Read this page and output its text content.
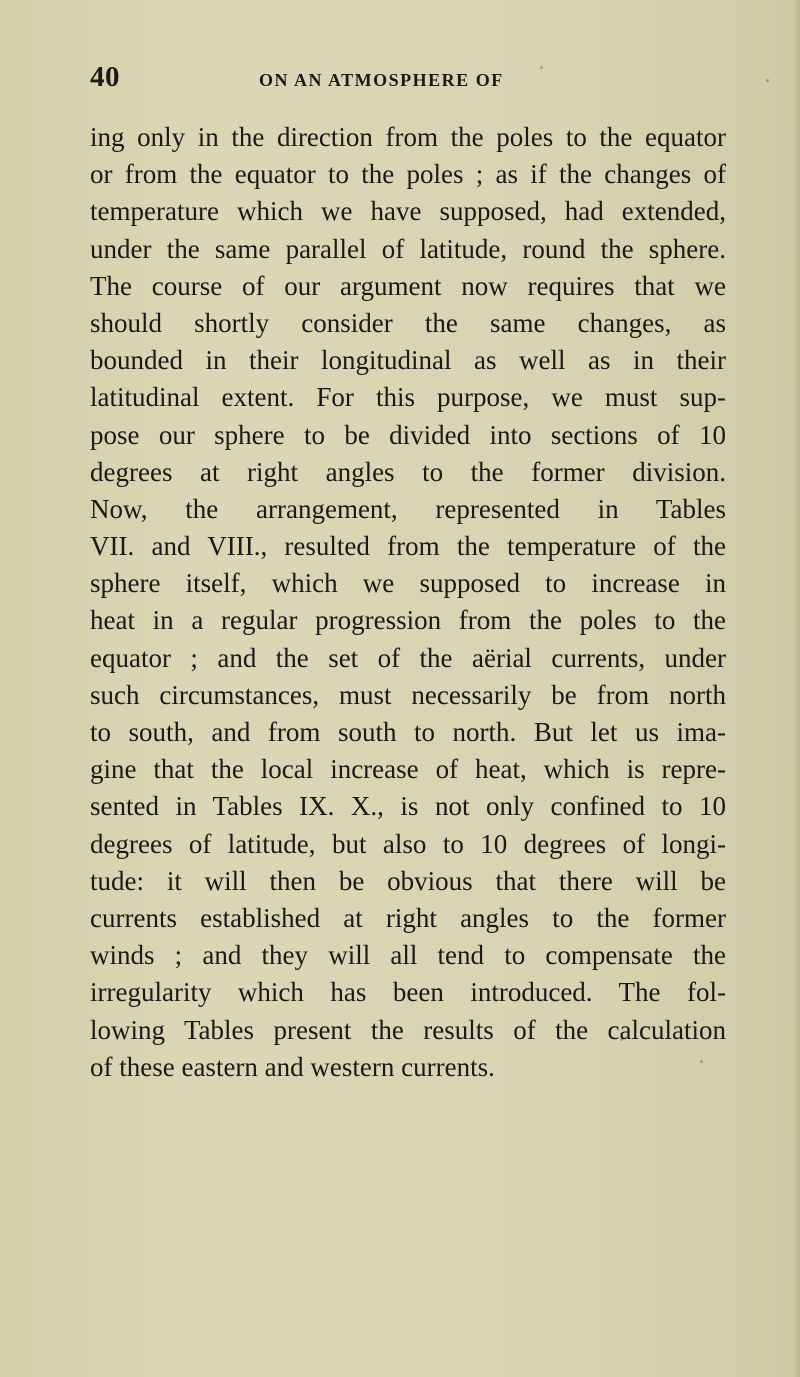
40	ON AN ATMOSPHERE OF
ing only in the direction from the poles to the equator
or from the equator to the poles ; as if the changes of
temperature which we have supposed, had extended,
under the same parallel of latitude, round the sphere.
The course of our argument now requires that we
should shortly consider the same changes, as
bounded in their longitudinal as well as in their
latitudinal extent. For this purpose, we must sup-
pose our sphere to be divided into sections of 10
degrees at right angles to the former division.
Now, the arrangement, represented in Tables
VII. and VIII., resulted from the temperature of the
sphere itself, which we supposed to increase in
heat in a regular progression from the poles to the
equator ; and the set of the aërial currents, under
such circumstances, must necessarily be from north
to south, and from south to north. But let us ima-
gine that the local increase of heat, which is repre-
sented in Tables IX. X., is not only confined to 10
degrees of latitude, but also to 10 degrees of longi-
tude: it will then be obvious that there will be
currents established at right angles to the former
winds ; and they will all tend to compensate the
irregularity which has been introduced. The fol-
lowing Tables present the results of the calculation
of these eastern and western currents.
